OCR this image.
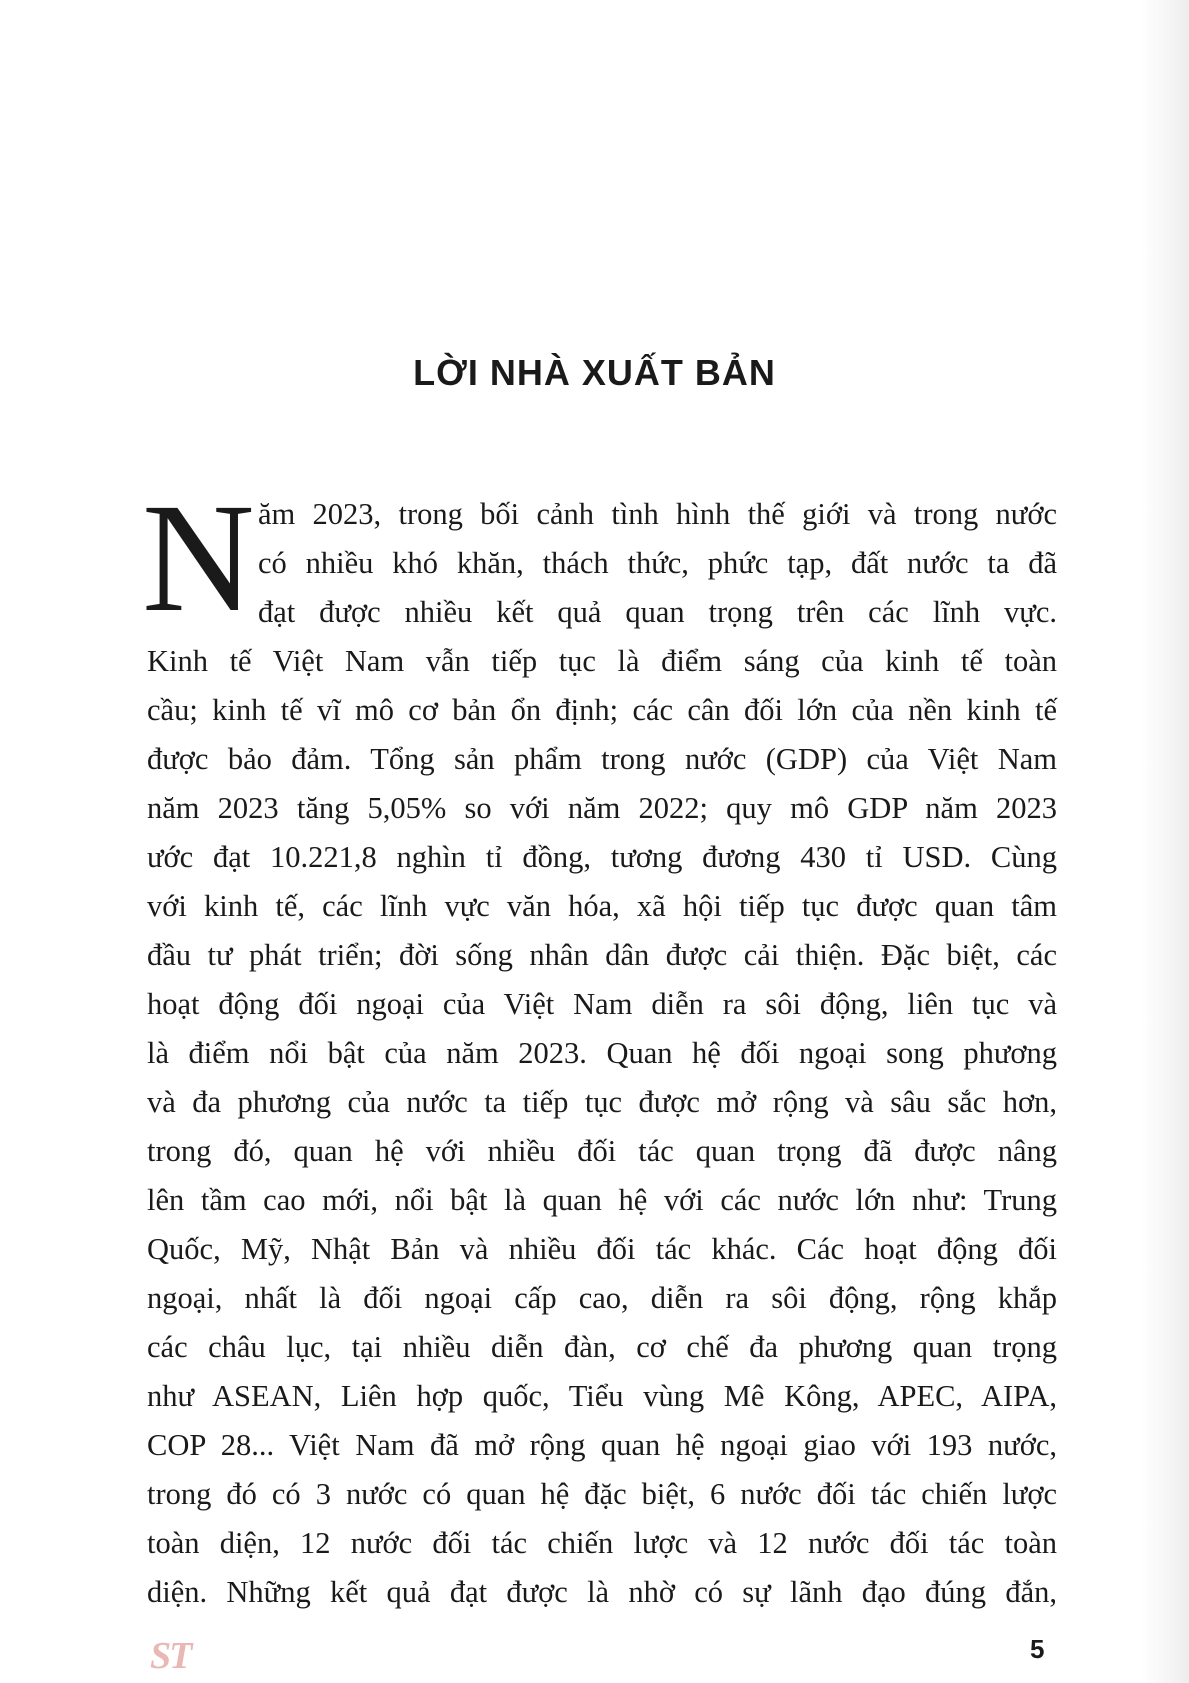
LỜI NHÀ XUẤT BẢN
N ăm 2023, trong bối cảnh tình hình thế giới và trong nước
có nhiều khó khăn, thách thức, phức tạp, đất nước ta đã
đạt được nhiều kết quả quan trọng trên các lĩnh vực.
Kinh tế Việt Nam vẫn tiếp tục là điểm sáng của kinh tế toàn
cầu; kinh tế vĩ mô cơ bản ổn định; các cân đối lớn của nền kinh tế
được bảo đảm. Tổng sản phẩm trong nước (GDP) của Việt Nam
năm 2023 tăng 5,05% so với năm 2022; quy mô GDP năm 2023
ước đạt 10.221,8 nghìn tỉ đồng, tương đương 430 tỉ USD. Cùng
với kinh tế, các lĩnh vực văn hóa, xã hội tiếp tục được quan tâm
đầu tư phát triển; đời sống nhân dân được cải thiện. Đặc biệt, các
hoạt động đối ngoại của Việt Nam diễn ra sôi động, liên tục và
là điểm nổi bật của năm 2023. Quan hệ đối ngoại song phương
và đa phương của nước ta tiếp tục được mở rộng và sâu sắc hơn,
trong đó, quan hệ với nhiều đối tác quan trọng đã được nâng
lên tầm cao mới, nổi bật là quan hệ với các nước lớn như: Trung
Quốc, Mỹ, Nhật Bản và nhiều đối tác khác. Các hoạt động đối
ngoại, nhất là đối ngoại cấp cao, diễn ra sôi động, rộng khắp
các châu lục, tại nhiều diễn đàn, cơ chế đa phương quan trọng
như ASEAN, Liên hợp quốc, Tiểu vùng Mê Kông, APEC, AIPA,
COP 28... Việt Nam đã mở rộng quan hệ ngoại giao với 193 nước,
trong đó có 3 nước có quan hệ đặc biệt, 6 nước đối tác chiến lược
toàn diện, 12 nước đối tác chiến lược và 12 nước đối tác toàn
diện. Những kết quả đạt được là nhờ có sự lãnh đạo đúng đắn,
ST	5
